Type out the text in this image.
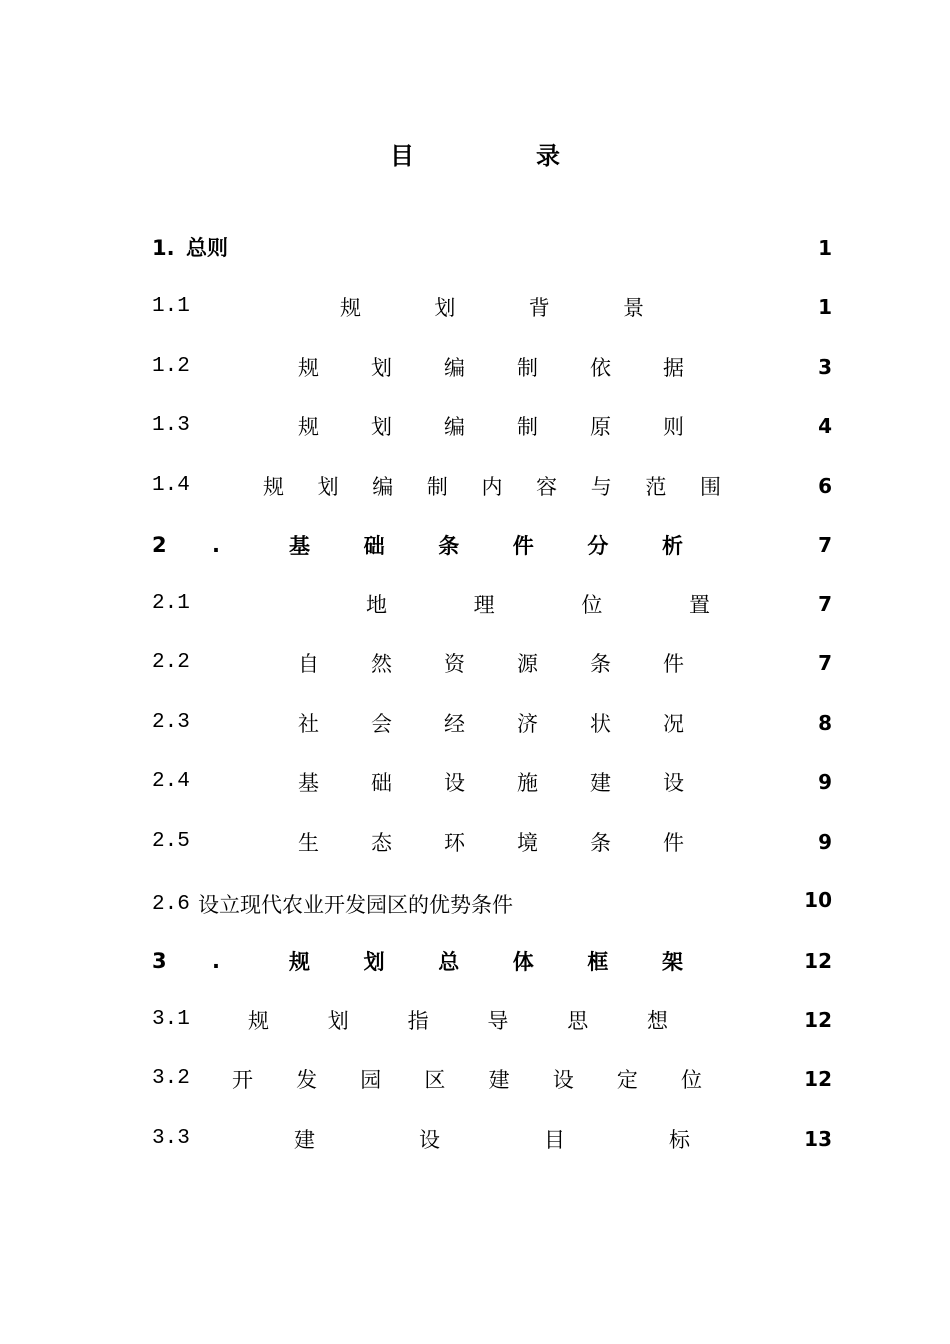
目	录
1. 总则	1
1.1	规	划	背	景	1
1.2	规 划 编 制 依 据	3
1.3	规 划 编 制 原 则	4
1.4	规 划 编 制 内 容 与 范 围	6
2 .	基	础	条	件	分	析	7
2.1	地	理	位	置	7
2.2	自 然 资 源 条 件	7
2.3	社 会 经 济 状 况	8
2.4	基 础 设 施 建 设	9
2.5	生 态 环 境 条 件	9
2.6 设立现代农业开发园区的优势条件	10
3 .	规	划	总	体	框	架	12
3.1	规	划	指	导	思	想	12
3.2 开 发 园 区 建 设 定 位	12
3.3	建	设	目	标	13
